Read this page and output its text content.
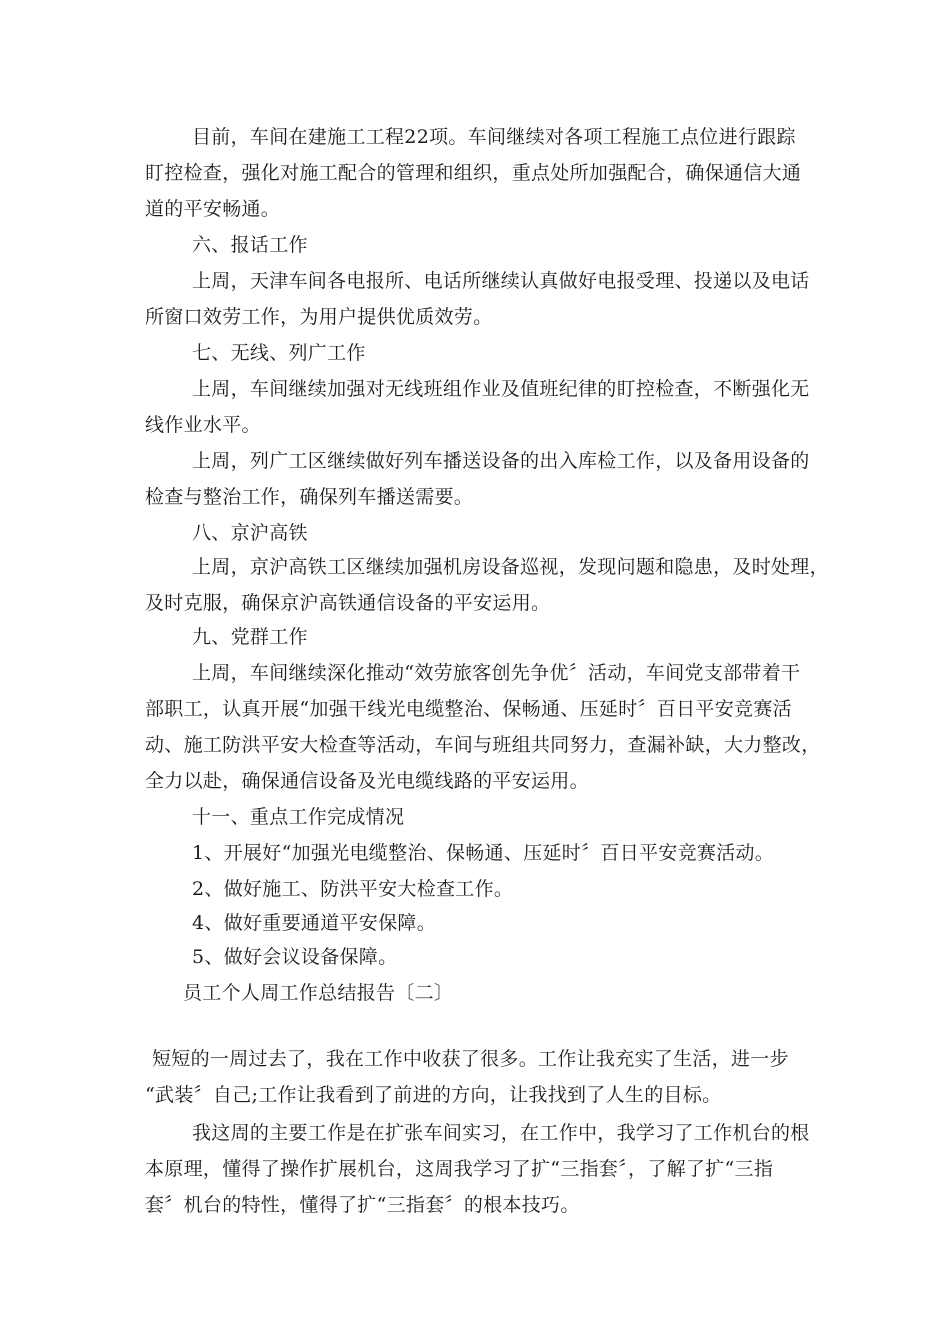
目前，车间在建施工工程22项。车间继续对各项工程施工点位进行跟踪
盯控检查，强化对施工配合的管理和组织，重点处所加强配合，确保通信大通
道的平安畅通。
六、报话工作
上周，天津车间各电报所、电话所继续认真做好电报受理、投递以及电话
所窗口效劳工作，为用户提供优质效劳。
七、无线、列广工作
上周，车间继续加强对无线班组作业及值班纪律的盯控检查，不断强化无
线作业水平。
上周，列广工区继续做好列车播送设备的出入库检工作，以及备用设备的
检查与整治工作，确保列车播送需要。
八、京沪高铁
上周，京沪高铁工区继续加强机房设备巡视，发现问题和隐患，及时处理，
及时克服，确保京沪高铁通信设备的平安运用。
九、党群工作
上周，车间继续深化推动“效劳旅客创先争优〞活动，车间党支部带着干
部职工，认真开展“加强干线光电缆整治、保畅通、压延时〞百日平安竞赛活
动、施工防洪平安大检查等活动，车间与班组共同努力，查漏补缺，大力整改，
全力以赴，确保通信设备及光电缆线路的平安运用。
十一、重点工作完成情况
1、开展好“加强光电缆整治、保畅通、压延时〞百日平安竞赛活动。
2、做好施工、防洪平安大检查工作。
4、做好重要通道平安保障。
5、做好会议设备保障。
员工个人周工作总结报告〔二〕
短短的一周过去了，我在工作中收获了很多。工作让我充实了生活，进一步
“武装〞自己;工作让我看到了前进的方向，让我找到了人生的目标。
我这周的主要工作是在扩张车间实习，在工作中，我学习了工作机台的根
本原理，懂得了操作扩展机台，这周我学习了扩“三指套〞，了解了扩“三指
套〞机台的特性，懂得了扩“三指套〞的根本技巧。
